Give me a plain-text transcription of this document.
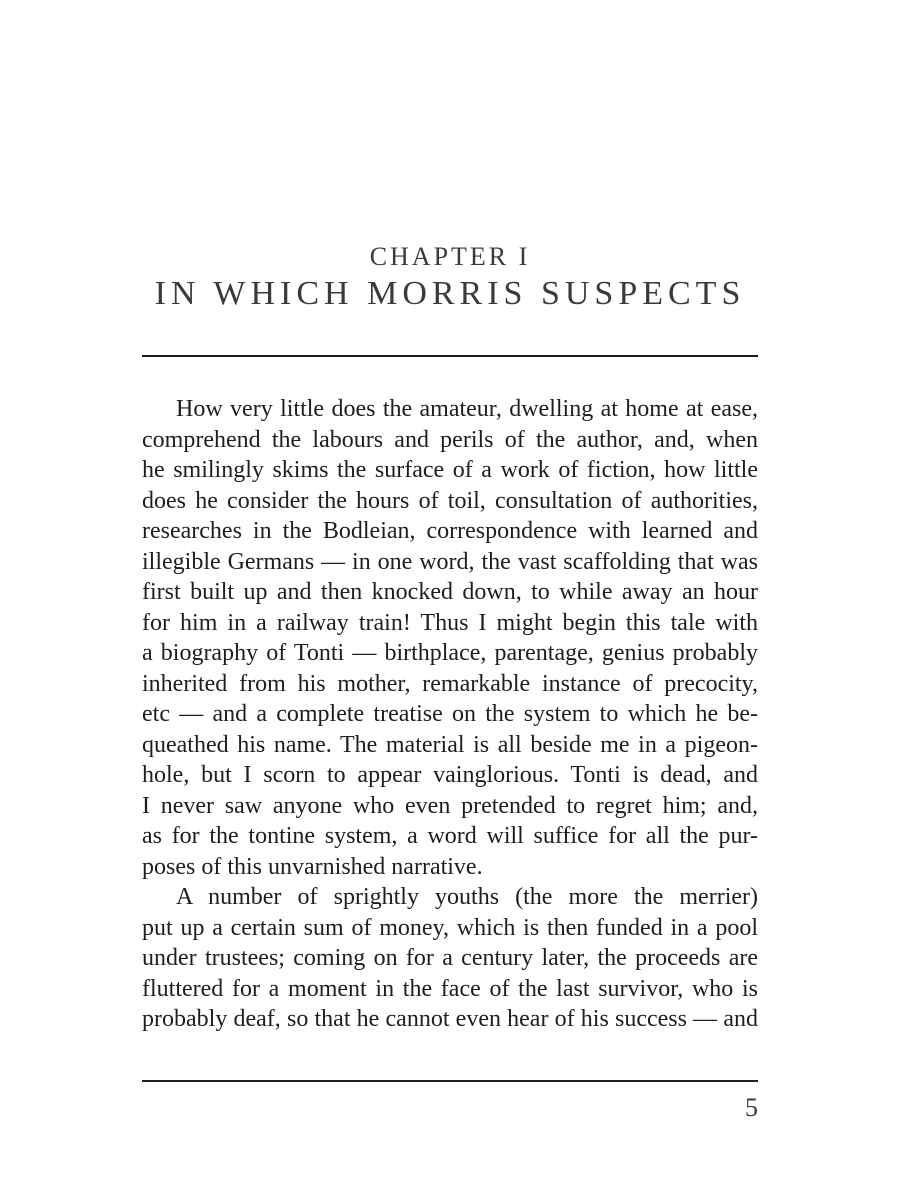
CHAPTER I
IN WHICH MORRIS SUSPECTS
How very little does the amateur, dwelling at home at ease,
comprehend the labours and perils of the author, and, when
he smilingly skims the surface of a work of fiction, how little
does he consider the hours of toil, consultation of authorities,
researches in the Bodleian, correspondence with learned and
illegible Germans — in one word, the vast scaffolding that was
first built up and then knocked down, to while away an hour
for him in a railway train! Thus I might begin this tale with
a biography of Tonti — birthplace, parentage, genius probably
inherited from his mother, remarkable instance of precocity,
etc — and a complete treatise on the system to which he be-
queathed his name. The material is all beside me in a pigeon-
hole, but I scorn to appear vainglorious. Tonti is dead, and
I never saw anyone who even pretended to regret him; and,
as for the tontine system, a word will suffice for all the pur-
poses of this unvarnished narrative.
A number of sprightly youths (the more the merrier)
put up a certain sum of money, which is then funded in a pool
under trustees; coming on for a century later, the proceeds are
fluttered for a moment in the face of the last survivor, who is
probably deaf, so that he cannot even hear of his success — and
5
